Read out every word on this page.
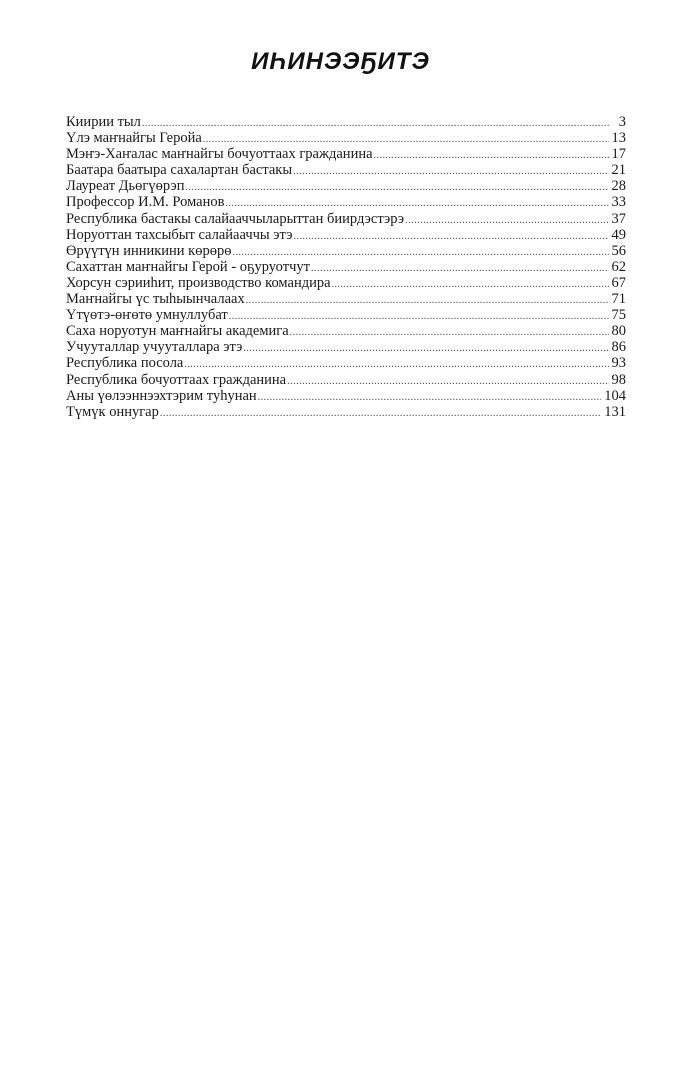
ИҺИНЭЭҔИТЭ
Киирии тыл .....	3
Үлэ маҥнайгы Геройа .....	13
Мэҥэ-Хаҥалас маҥнайгы бочуоттаах гражданина .....	17
Баатара баатыра сахалартан бастакы .....	21
Лауреат Дьөгүөрэп .....	28
Профессор И.М. Романов .....	33
Республика бастакы салайааччыларыттан биирдэстэрэ .....	37
Норуоттан тахсыбыт салайааччы этэ .....	49
Өрүүтүн инникини көрөрө .....	56
Сахаттан маҥнайгы Герой - оҕуруотчут .....	62
Хорсун сэрииһит, производство командира .....	67
Маҥнайгы үс тыһыынчалаах .....	71
Үтүөтэ-өҥөтө умнуллубат .....	75
Саха норуотун маҥнайгы академига .....	80
Учууталлар учууталлара этэ .....	86
Республика посола .....	93
Республика бочуоттаах гражданина .....	98
Аны үөлээннээхтэрим туһунан .....	104
Түмүк оннугар .....	131
